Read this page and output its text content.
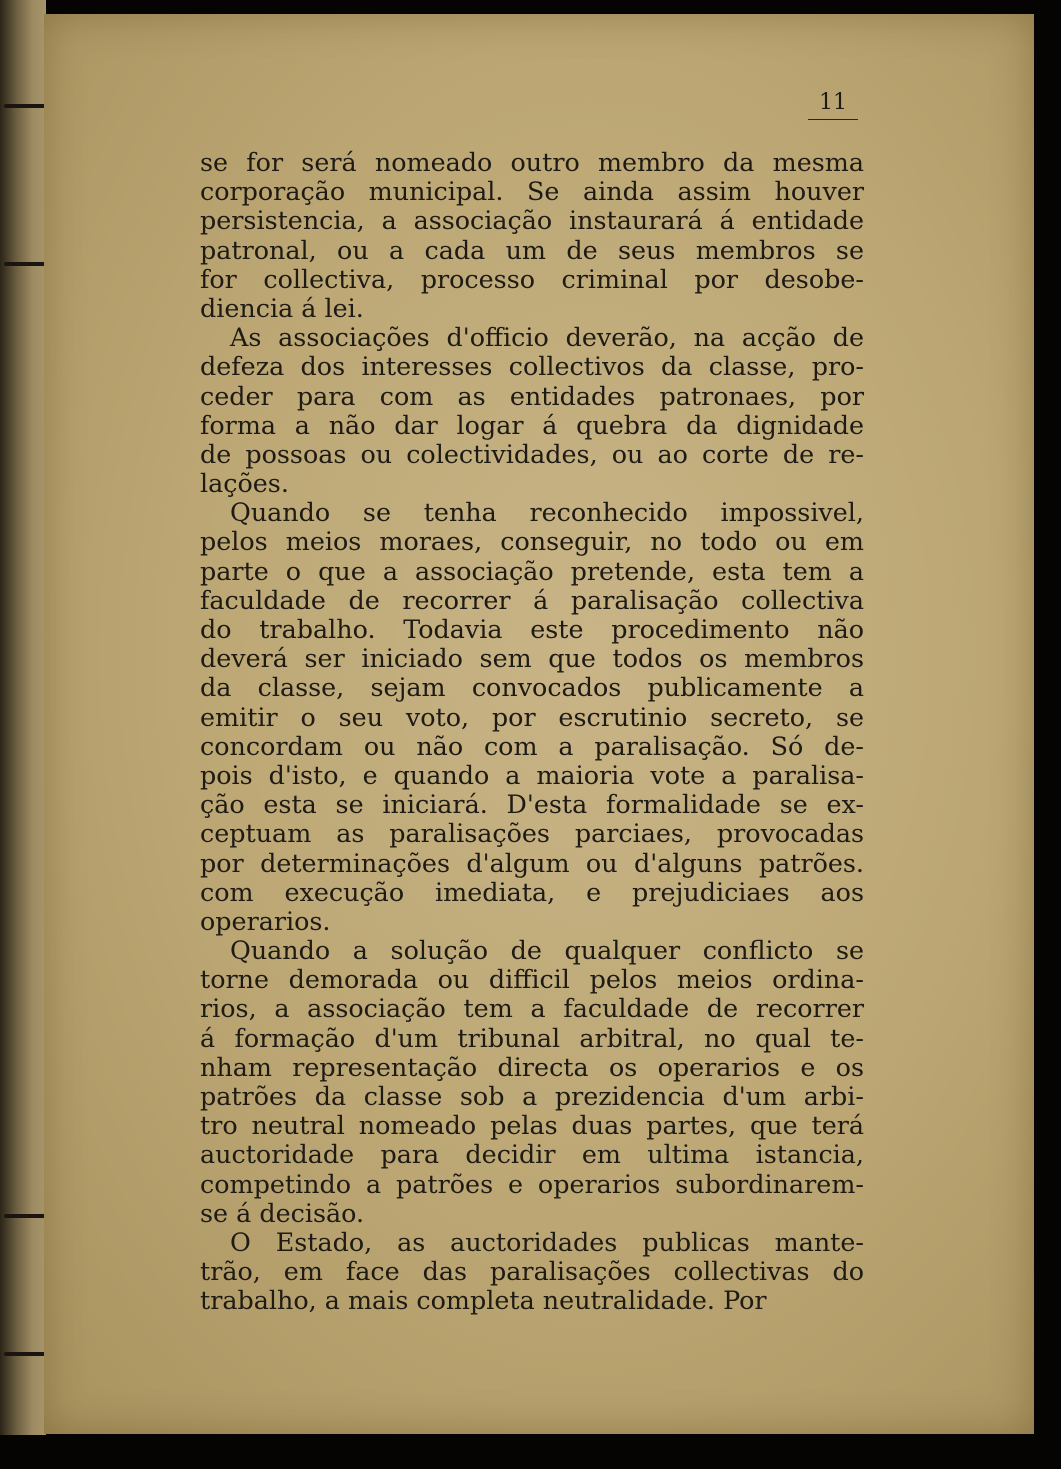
11
se for será nomeado outro membro da mesma
corporação municipal. Se ainda assim houver
persistencia, a associação instaurará á entidade
patronal, ou a cada um de seus membros se
for collectiva, processo criminal por desobe-
diencia á lei.
As associações d'officio deverão, na acção de
defeza dos interesses collectivos da classe, pro-
ceder para com as entidades patronaes, por
forma a não dar logar á quebra da dignidade
de possoas ou colectividades, ou ao corte de re-
lações.
Quando se tenha reconhecido impossivel,
pelos meios moraes, conseguir, no todo ou em
parte o que a associação pretende, esta tem a
faculdade de recorrer á paralisação collectiva
do trabalho. Todavia este procedimento não
deverá ser iniciado sem que todos os membros
da classe, sejam convocados publicamente a
emitir o seu voto, por escrutinio secreto, se
concordam ou não com a paralisação. Só de-
pois d'isto, e quando a maioria vote a paralisa-
ção esta se iniciará. D'esta formalidade se ex-
ceptuam as paralisações parciaes, provocadas
por determinações d'algum ou d'alguns patrões.
com execução imediata, e prejudiciaes aos
operarios.
Quando a solução de qualquer conflicto se
torne demorada ou difficil pelos meios ordina-
rios, a associação tem a faculdade de recorrer
á formação d'um tribunal arbitral, no qual te-
nham representação directa os operarios e os
patrões da classe sob a prezidencia d'um arbi-
tro neutral nomeado pelas duas partes, que terá
auctoridade para decidir em ultima istancia,
competindo a patrões e operarios subordinarem-
se á decisão.
O Estado, as auctoridades publicas mante-
trão, em face das paralisações collectivas do
trabalho, a mais completa neutralidade. Por
